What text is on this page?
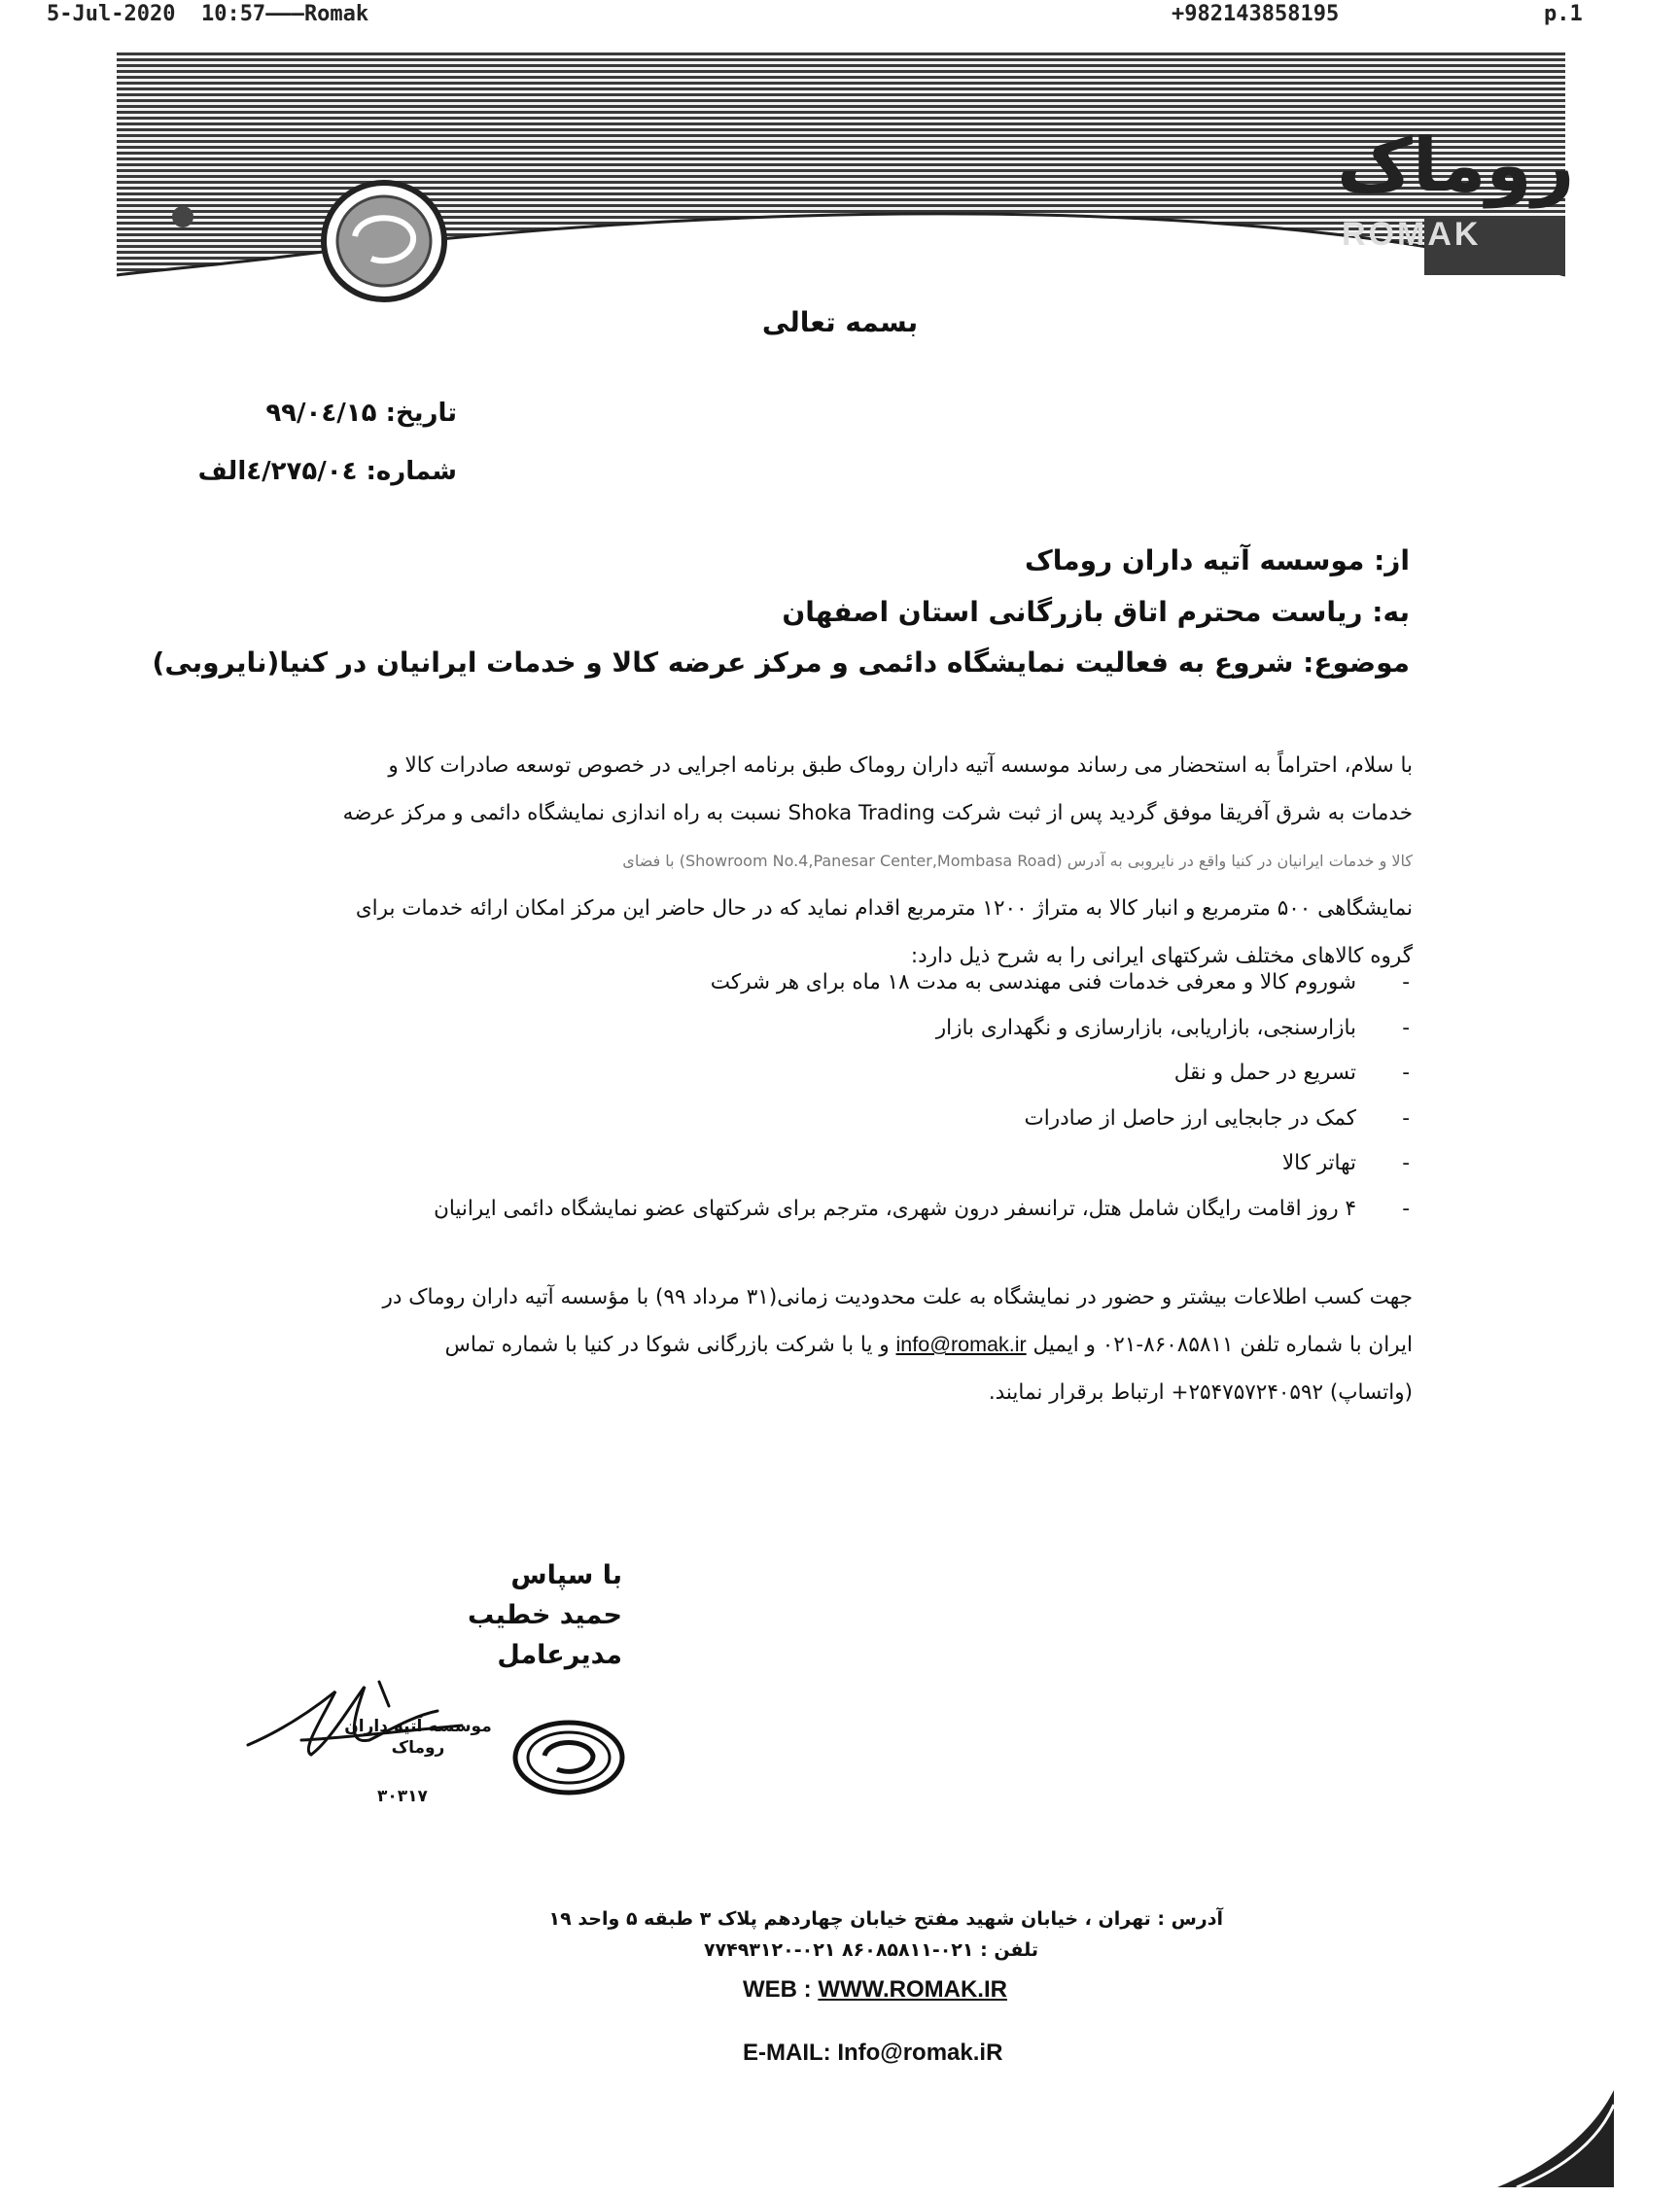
5-Jul-2020 10:57———Romak	+982143858195	p.1
روماک
ROMAK
بسمه تعالی
تاریخ: ۹۹/۰٤/۱۵
شماره: ٤/۲۷۵/۰٤الف
از: موسسه آتیه داران روماک
به: ریاست محترم اتاق بازرگانی استان اصفهان
موضوع: شروع به فعالیت نمایشگاه دائمی و مرکز عرضه کالا و خدمات ایرانیان در کنیا(نایروبی)

با سلام، احتراماً به استحضار می رساند موسسه آتیه داران روماک طبق برنامه اجرایی در خصوص توسعه صادرات کالا و

خدمات به شرق آفریقا موفق گردید پس از ثبت شرکت Shoka Trading نسبت به راه اندازی نمایشگاه دائمی و مرکز عرضه

کالا و خدمات ایرانیان در کنیا واقع در نایروبی به آدرس (Showroom No.4,Panesar Center,Mombasa Road) با فضای

نمایشگاهی ۵۰۰ مترمربع و انبار کالا به متراژ ۱۲۰۰ مترمربع اقدام نماید که در حال حاضر این مرکز امکان ارائه خدمات برای

گروه کالاهای مختلف شرکتهای ایرانی را به شرح ذیل دارد:

-شوروم کالا و معرفی خدمات فنی مهندسی به مدت ۱۸ ماه برای هر شرکت
-بازارسنجی، بازاریابی، بازارسازی و نگهداری بازار
-تسریع در حمل و نقل
-کمک در جابجایی ارز حاصل از صادرات
-تهاتر کالا
-۴ روز اقامت رایگان شامل هتل، ترانسفر درون شهری، مترجم برای شرکتهای عضو نمایشگاه دائمی ایرانیان

جهت کسب اطلاعات بیشتر و حضور در نمایشگاه به علت محدودیت زمانی(۳۱ مرداد ۹۹) با مؤسسه آتیه داران روماک در

ایران با شماره تلفن ۸۶۰۸۵۸۱۱-۰۲۱ و ایمیل info@romak.ir و یا با شرکت بازرگانی شوکا در کنیا با شماره تماس

(واتساپ) ۲۵۴۷۵۷۲۴۰۵۹۲+ ارتباط برقرار نمایند.

با سپاس
حمید خطیب
مدیرعامل
موسسه آتیه داران
روماک
۳۰۳۱۷
آدرس : تهران ، خیابان شهید مفتح خیابان چهاردهم پلاک ۳ طبقه ۵ واحد ۱۹
تلفن : ۰۲۱-۸۶۰۸۵۸۱۱ ۰۲۱-۷۷۴۹۳۱۲۰
WEB : WWW.ROMAK.IR
E-MAIL: Info@romak.iR
